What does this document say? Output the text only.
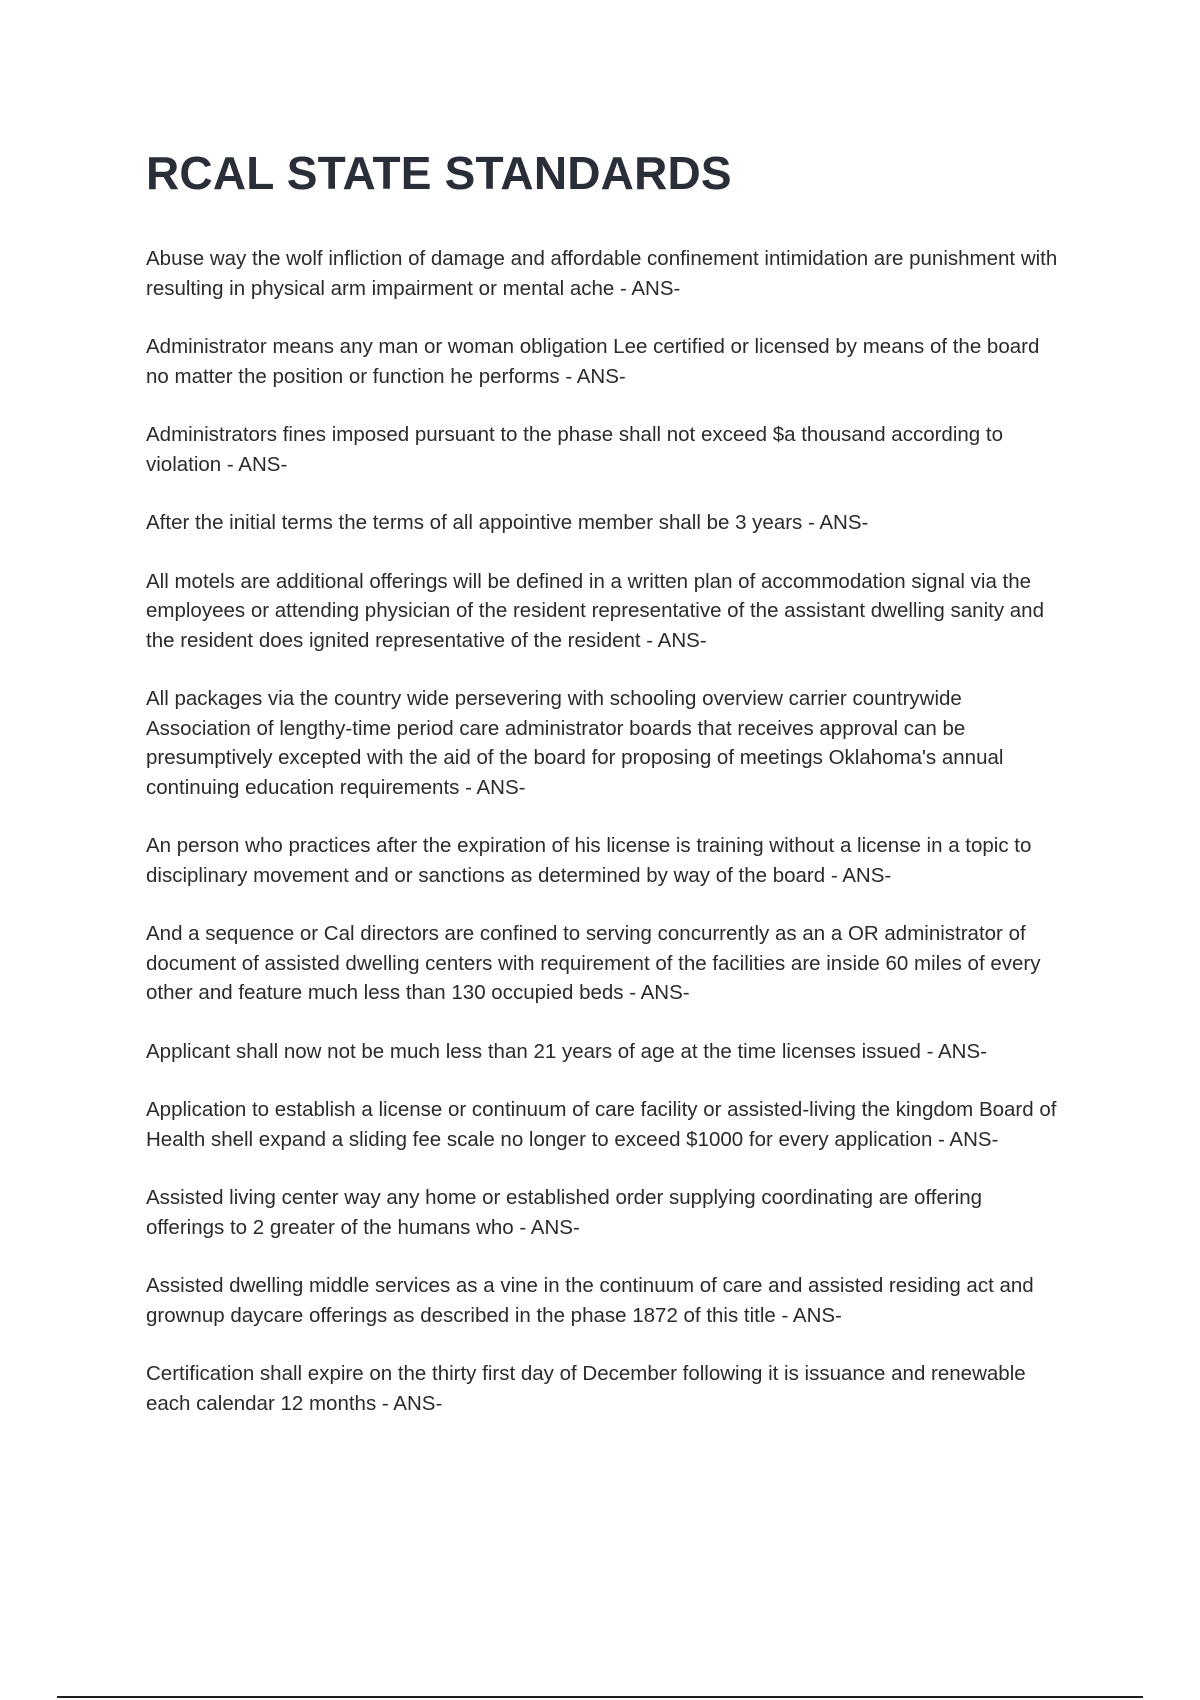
RCAL STATE STANDARDS
Abuse way the wolf infliction of damage and affordable confinement intimidation are punishment with resulting in physical arm impairment or mental ache - ANS-
Administrator means any man or woman obligation Lee certified or licensed by means of the board no matter the position or function he performs - ANS-
Administrators fines imposed pursuant to the phase shall not exceed $a thousand according to violation - ANS-
After the initial terms the terms of all appointive member shall be 3 years - ANS-
All motels are additional offerings will be defined in a written plan of accommodation signal via the employees or attending physician of the resident representative of the assistant dwelling sanity and the resident does ignited representative of the resident - ANS-
All packages via the country wide persevering with schooling overview carrier countrywide Association of lengthy-time period care administrator boards that receives approval can be presumptively excepted with the aid of the board for proposing of meetings Oklahoma's annual continuing education requirements - ANS-
An person who practices after the expiration of his license is training without a license in a topic to disciplinary movement and or sanctions as determined by way of the board - ANS-
And a sequence or Cal directors are confined to serving concurrently as an a OR administrator of document of assisted dwelling centers with requirement of the facilities are inside 60 miles of every other and feature much less than 130 occupied beds - ANS-
Applicant shall now not be much less than 21 years of age at the time licenses issued - ANS-
Application to establish a license or continuum of care facility or assisted-living the kingdom Board of Health shell expand a sliding fee scale no longer to exceed $1000 for every application - ANS-
Assisted living center way any home or established order supplying coordinating are offering offerings to 2 greater of the humans who - ANS-
Assisted dwelling middle services as a vine in the continuum of care and assisted residing act and grownup daycare offerings as described in the phase 1872 of this title - ANS-
Certification shall expire on the thirty first day of December following it is issuance and renewable each calendar 12 months - ANS-
